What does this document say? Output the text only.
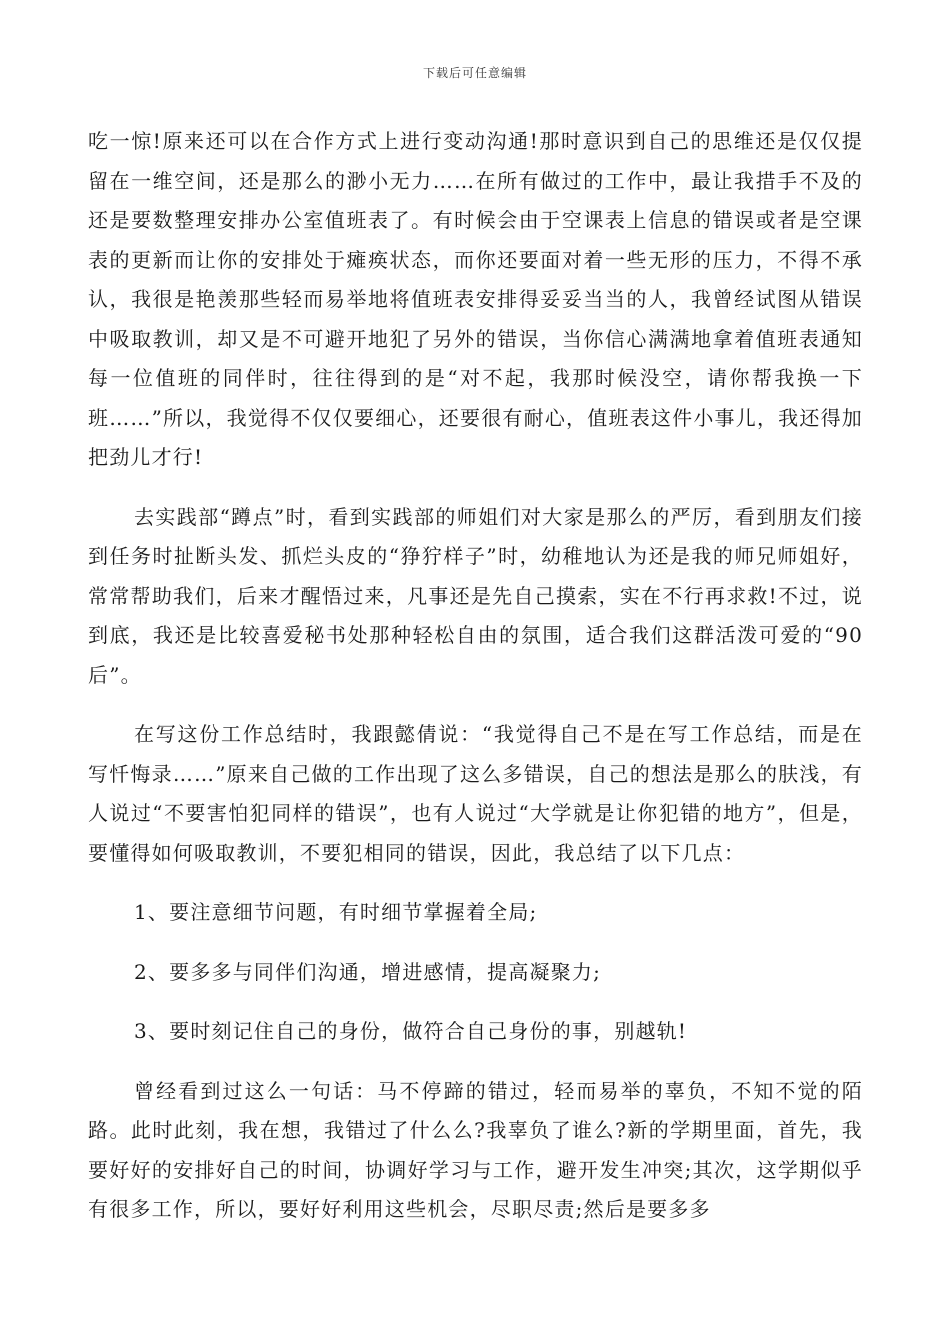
下载后可任意编辑

吃一惊!原来还可以在合作方式上进行变动沟通!那时意识到自己的思维还是仅仅提留在一维空间，还是那么的渺小无力……在所有做过的工作中，最让我措手不及的还是要数整理安排办公室值班表了。有时候会由于空课表上信息的错误或者是空课表的更新而让你的安排处于瘫痪状态，而你还要面对着一些无形的压力，不得不承认，我很是艳羡那些轻而易举地将值班表安排得妥妥当当的人，我曾经试图从错误中吸取教训，却又是不可避开地犯了另外的错误，当你信心满满地拿着值班表通知每一位值班的同伴时，往往得到的是“对不起，我那时候没空，请你帮我换一下班……”所以，我觉得不仅仅要细心，还要很有耐心，值班表这件小事儿，我还得加把劲儿才行!

去实践部“蹲点”时，看到实践部的师姐们对大家是那么的严厉，看到朋友们接到任务时扯断头发、抓烂头皮的“狰狞样子”时，幼稚地认为还是我的师兄师姐好，常常帮助我们，后来才醒悟过来，凡事还是先自己摸索，实在不行再求救!不过，说到底，我还是比较喜爱秘书处那种轻松自由的氛围，适合我们这群活泼可爱的“90后”。

在写这份工作总结时，我跟懿倩说：“我觉得自己不是在写工作总结，而是在写忏悔录……”原来自己做的工作出现了这么多错误，自己的想法是那么的肤浅，有人说过“不要害怕犯同样的错误”，也有人说过“大学就是让你犯错的地方”，但是，要懂得如何吸取教训，不要犯相同的错误，因此，我总结了以下几点：

1、要注意细节问题，有时细节掌握着全局;

2、要多多与同伴们沟通，增进感情，提高凝聚力;

3、要时刻记住自己的身份，做符合自己身份的事，别越轨!

曾经看到过这么一句话：马不停蹄的错过，轻而易举的辜负，不知不觉的陌路。此时此刻，我在想，我错过了什么么?我辜负了谁么?新的学期里面，首先，我要好好的安排好自己的时间，协调好学习与工作，避开发生冲突;其次，这学期似乎有很多工作，所以，要好好利用这些机会，尽职尽责;然后是要多多
